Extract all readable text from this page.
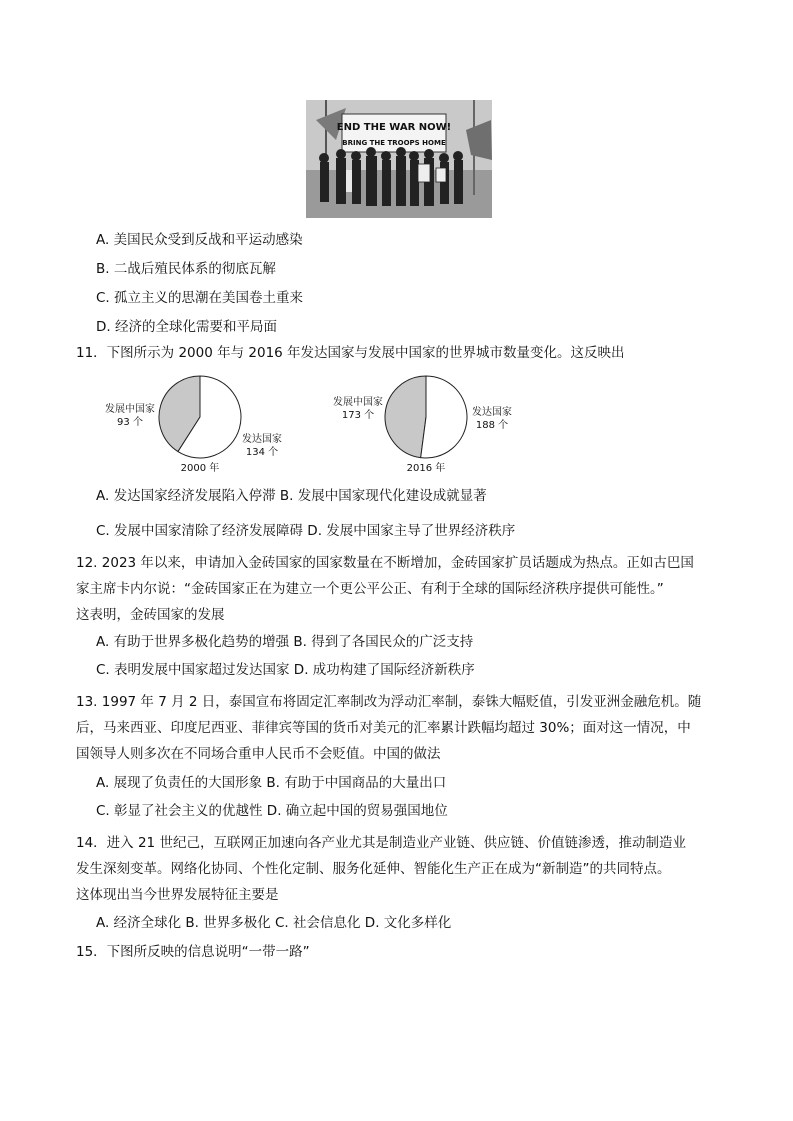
END THE WAR NOW!
BRING THE TROOPS HOME
A. 美国民众受到反战和平运动感染
B. 二战后殖民体系的彻底瓦解
C. 孤立主义的思潮在美国卷土重来
D. 经济的全球化需要和平局面
11．下图所示为 2000 年与 2016 年发达国家与发展中国家的世界城市数量变化。这反映出
发展中国家
93 个
发达国家
134 个
2000 年
发展中国家
173 个	发达国家
188 个
2016 年
A. 发达国家经济发展陷入停滞 B. 发展中国家现代化建设成就显著
C. 发展中国家清除了经济发展障碍 D. 发展中国家主导了世界经济秩序
12. 2023 年以来，申请加入金砖国家的国家数量在不断增加，金砖国家扩员话题成为热点。正如古巴国
家主席卡内尔说：“金砖国家正在为建立一个更公平公正、有利于全球的国际经济秩序提供可能性。”
这表明，金砖国家的发展
A. 有助于世界多极化趋势的增强 B. 得到了各国民众的广泛支持
C. 表明发展中国家超过发达国家 D. 成功构建了国际经济新秩序
13. 1997 年 7 月 2 日，泰国宣布将固定汇率制改为浮动汇率制，泰铢大幅贬值，引发亚洲金融危机。随
后，马来西亚、印度尼西亚、菲律宾等国的货币对美元的汇率累计跌幅均超过 30%；面对这一情况，中
国领导人则多次在不同场合重申人民币不会贬值。中国的做法
A. 展现了负责任的大国形象 B. 有助于中国商品的大量出口
C. 彰显了社会主义的优越性 D. 确立起中国的贸易强国地位
14．进入 21 世纪己，互联网正加速向各产业尤其是制造业产业链、供应链、价值链渗透，推动制造业
发生深刻变革。网络化协同、个性化定制、服务化延伸、智能化生产正在成为“新制造”的共同特点。
这体现出当今世界发展特征主要是
A. 经济全球化 B. 世界多极化 C. 社会信息化 D. 文化多样化
15．下图所反映的信息说明“一带一路”
